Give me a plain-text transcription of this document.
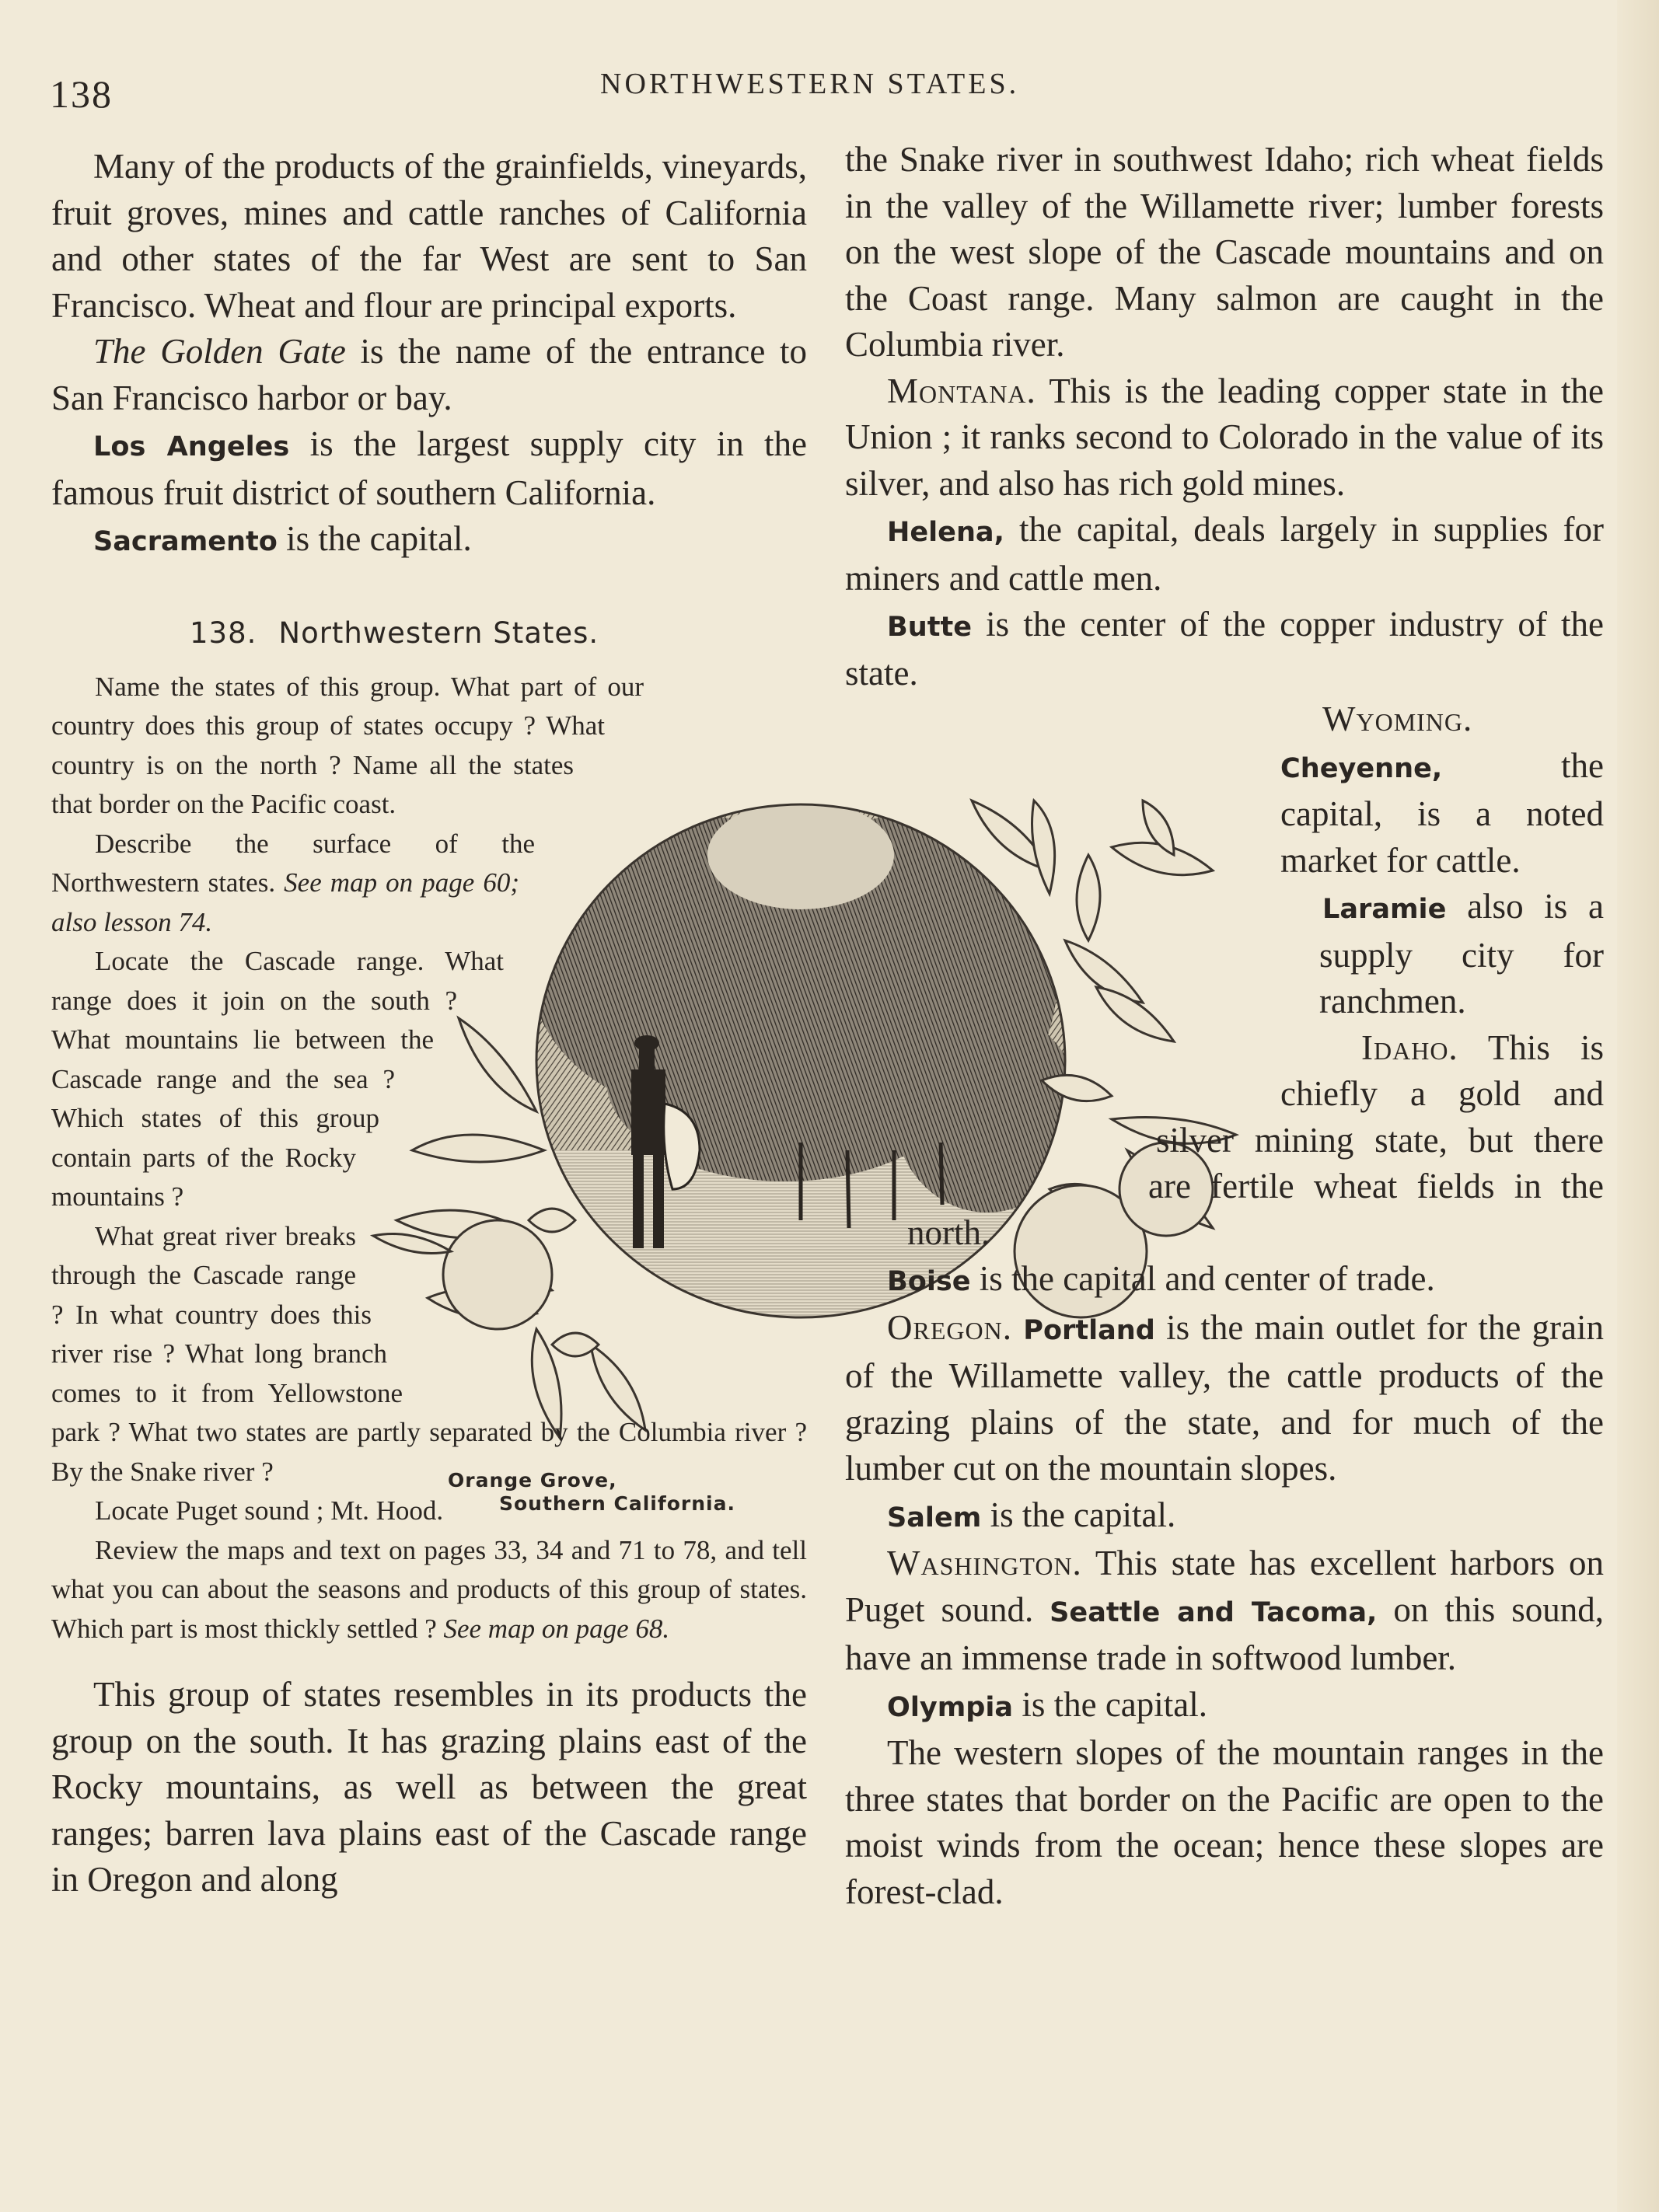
138	NORTHWESTERN STATES.
Orange Grove,
Southern California.

Many of the products of the grainfields, vineyards, fruit groves, mines and cattle ranches of California and other states of the far West are sent to San Francisco. Wheat and flour are principal exports.

The Golden Gate is the name of the entrance to San Francisco harbor or bay.

Los Angeles is the largest supply city in the famous fruit district of southern California.

Sacramento is the capital.

138. Northwestern States.

Name the states of this group. What part of our country does this group of states occupy ? What country is on the north ? Name all the states that border on the Pacific coast.

Describe the surface of the Northwestern states. See map on page 60; also lesson 74.

Locate the Cascade range. What range does it join on the south ? What mountains lie between the Cascade range and the sea ? Which states of this group contain parts of the Rocky mountains ?

What great river breaks through the Cascade range ? In what country does this river rise ? What long branch comes to it from Yellowstone park ? What two states are partly separated by the Columbia river ? By the Snake river ?

Locate Puget sound ; Mt. Hood.

Review the maps and text on pages 33, 34 and 71 to 78, and tell what you can about the seasons and products of this group of states. Which part is most thickly settled ? See map on page 68.

This group of states resembles in its products the group on the south. It has grazing plains east of the Rocky mountains, as well as between the great ranges; barren lava plains east of the Cascade range in Oregon and along

the Snake river in southwest Idaho; rich wheat fields in the valley of the Willamette river; lumber forests on the west slope of the Cascade mountains and on the Coast range. Many salmon are caught in the Columbia river.

Montana. This is the leading copper state in the Union ; it ranks second to Colorado in the value of its silver, and also has rich gold mines.

Helena, the capital, deals largely in supplies for miners and cattle men.

Butte is the center of the copper industry of the state.

Wyoming. Cheyenne, the capital, is a noted market for cattle.

Laramie also is a supply city for ranchmen.

Idaho. This is chiefly a gold and silver mining state, but there are fertile wheat fields in the north.

Boise is the capital and center of trade.

Oregon. Portland is the main outlet for the grain of the Willamette valley, the cattle products of the grazing plains of the state, and for much of the lumber cut on the mountain slopes.

Salem is the capital.

Washington. This state has excellent harbors on Puget sound. Seattle and Tacoma, on this sound, have an immense trade in softwood lumber.

Olympia is the capital.

The western slopes of the mountain ranges in the three states that border on the Pacific are open to the moist winds from the ocean; hence these slopes are forest-clad.
